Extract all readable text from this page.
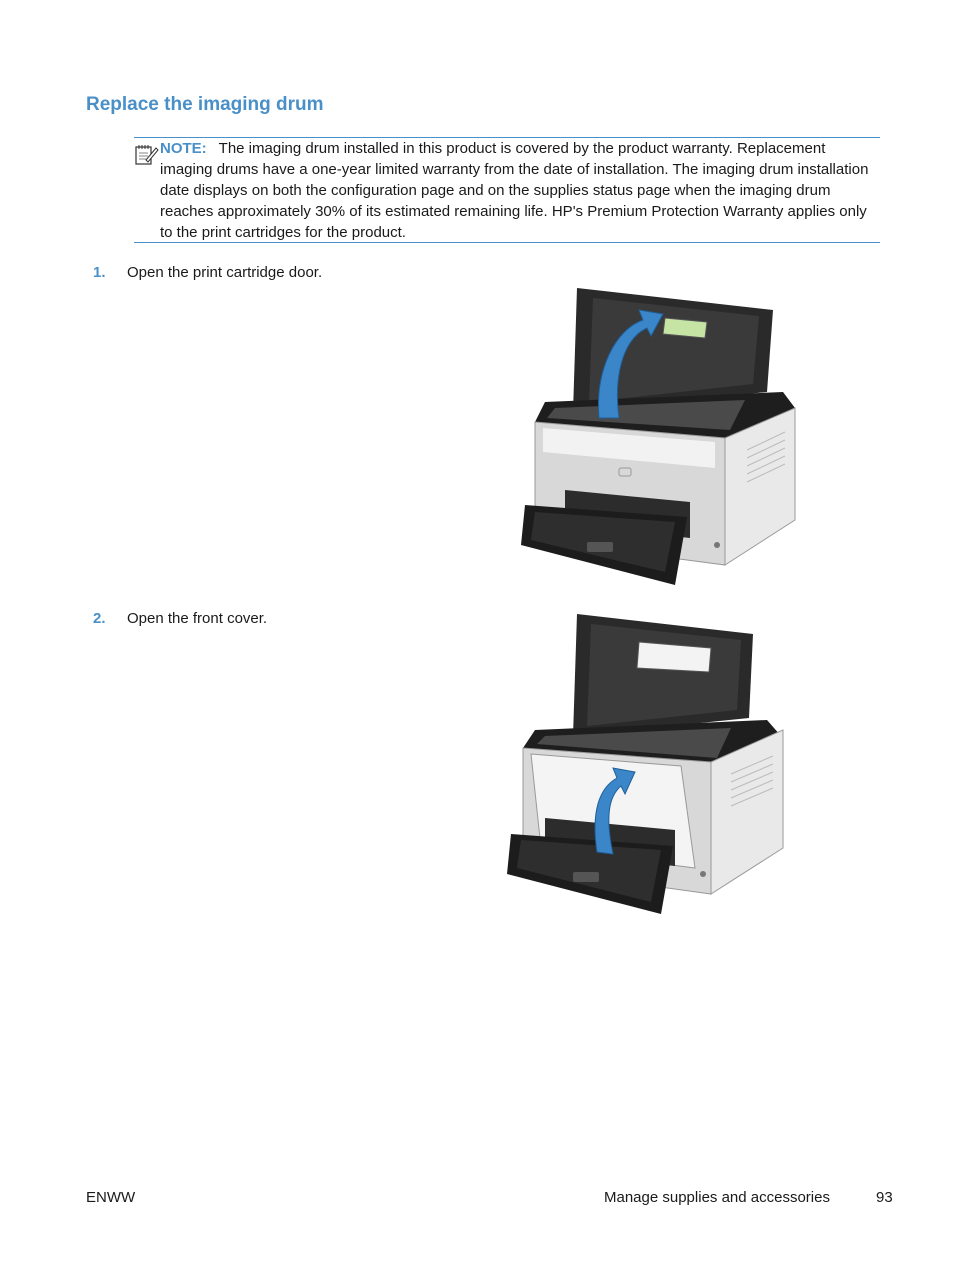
Replace the imaging drum
NOTE: The imaging drum installed in this product is covered by the product warranty. Replacement imaging drums have a one-year limited warranty from the date of installation. The imaging drum installation date displays on both the configuration page and on the supplies status page when the imaging drum reaches approximately 30% of its estimated remaining life. HP's Premium Protection Warranty applies only to the print cartridges for the product.
1. Open the print cartridge door.
2. Open the front cover.
ENWW	Manage supplies and accessories	93
